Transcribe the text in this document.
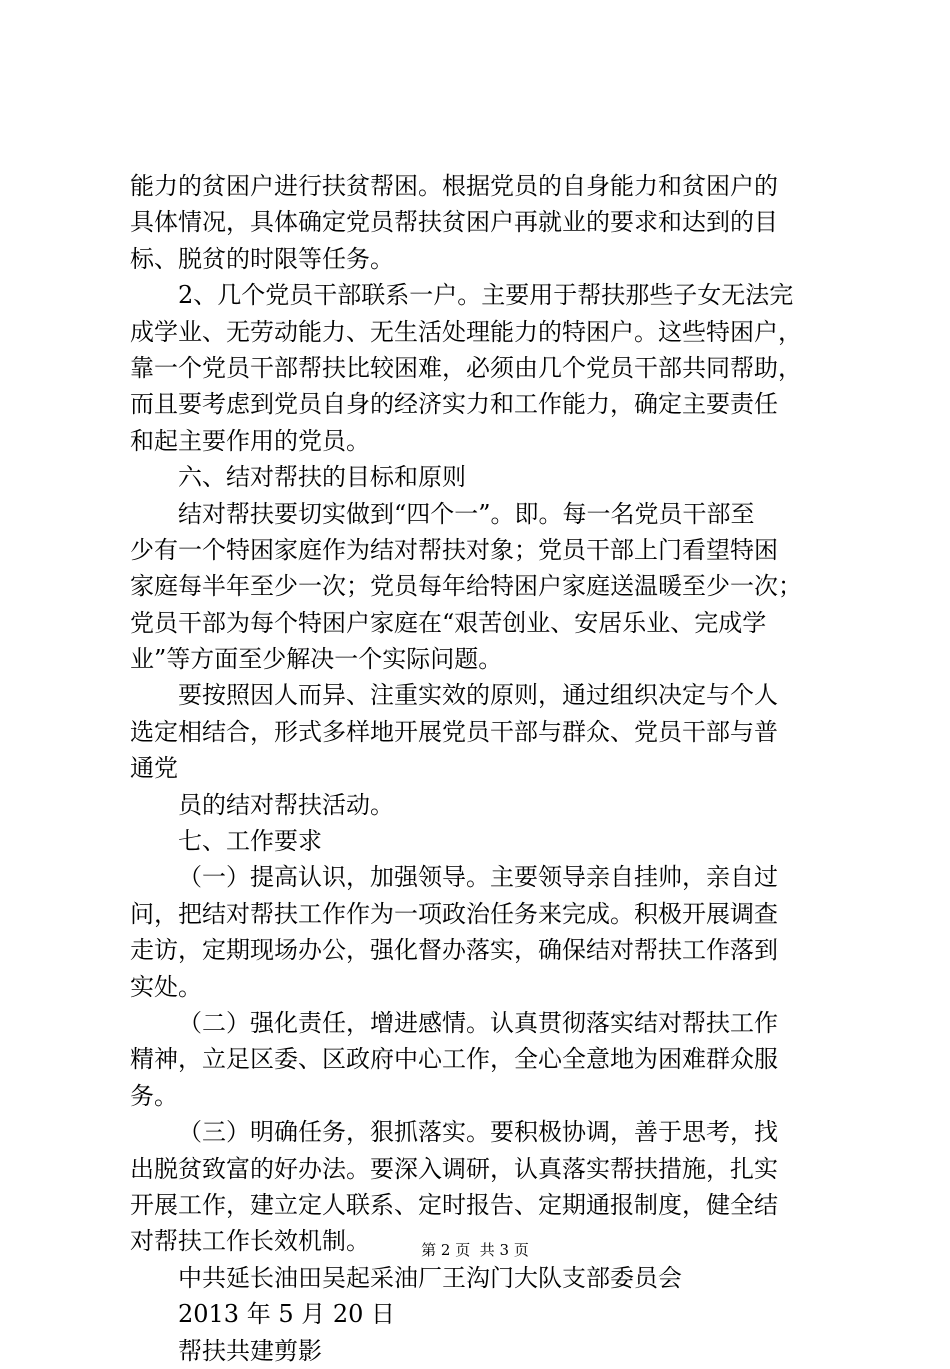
能力的贫困户进行扶贫帮困。根据党员的自身能力和贫困户的
具体情况，具体确定党员帮扶贫困户再就业的要求和达到的目
标、脱贫的时限等任务。
2、几个党员干部联系一户。主要用于帮扶那些子女无法完
成学业、无劳动能力、无生活处理能力的特困户。这些特困户，
靠一个党员干部帮扶比较困难，必须由几个党员干部共同帮助，
而且要考虑到党员自身的经济实力和工作能力，确定主要责任
和起主要作用的党员。
六、结对帮扶的目标和原则
结对帮扶要切实做到“四个一”。即。每一名党员干部至
少有一个特困家庭作为结对帮扶对象；党员干部上门看望特困
家庭每半年至少一次；党员每年给特困户家庭送温暖至少一次；
党员干部为每个特困户家庭在“艰苦创业、安居乐业、完成学
业”等方面至少解决一个实际问题。
要按照因人而异、注重实效的原则，通过组织决定与个人
选定相结合，形式多样地开展党员干部与群众、党员干部与普
通党
员的结对帮扶活动。
七、工作要求
（一）提高认识，加强领导。主要领导亲自挂帅，亲自过
问，把结对帮扶工作作为一项政治任务来完成。积极开展调查
走访，定期现场办公，强化督办落实，确保结对帮扶工作落到
实处。
（二）强化责任，增进感情。认真贯彻落实结对帮扶工作
精神，立足区委、区政府中心工作，全心全意地为困难群众服
务。
（三）明确任务，狠抓落实。要积极协调，善于思考，找
出脱贫致富的好办法。要深入调研，认真落实帮扶措施，扎实
开展工作，建立定人联系、定时报告、定期通报制度，健全结
对帮扶工作长效机制。
中共延长油田吴起采油厂王沟门大队支部委员会
2013 年 5 月 20 日
帮扶共建剪影
第 2 页  共 3 页
